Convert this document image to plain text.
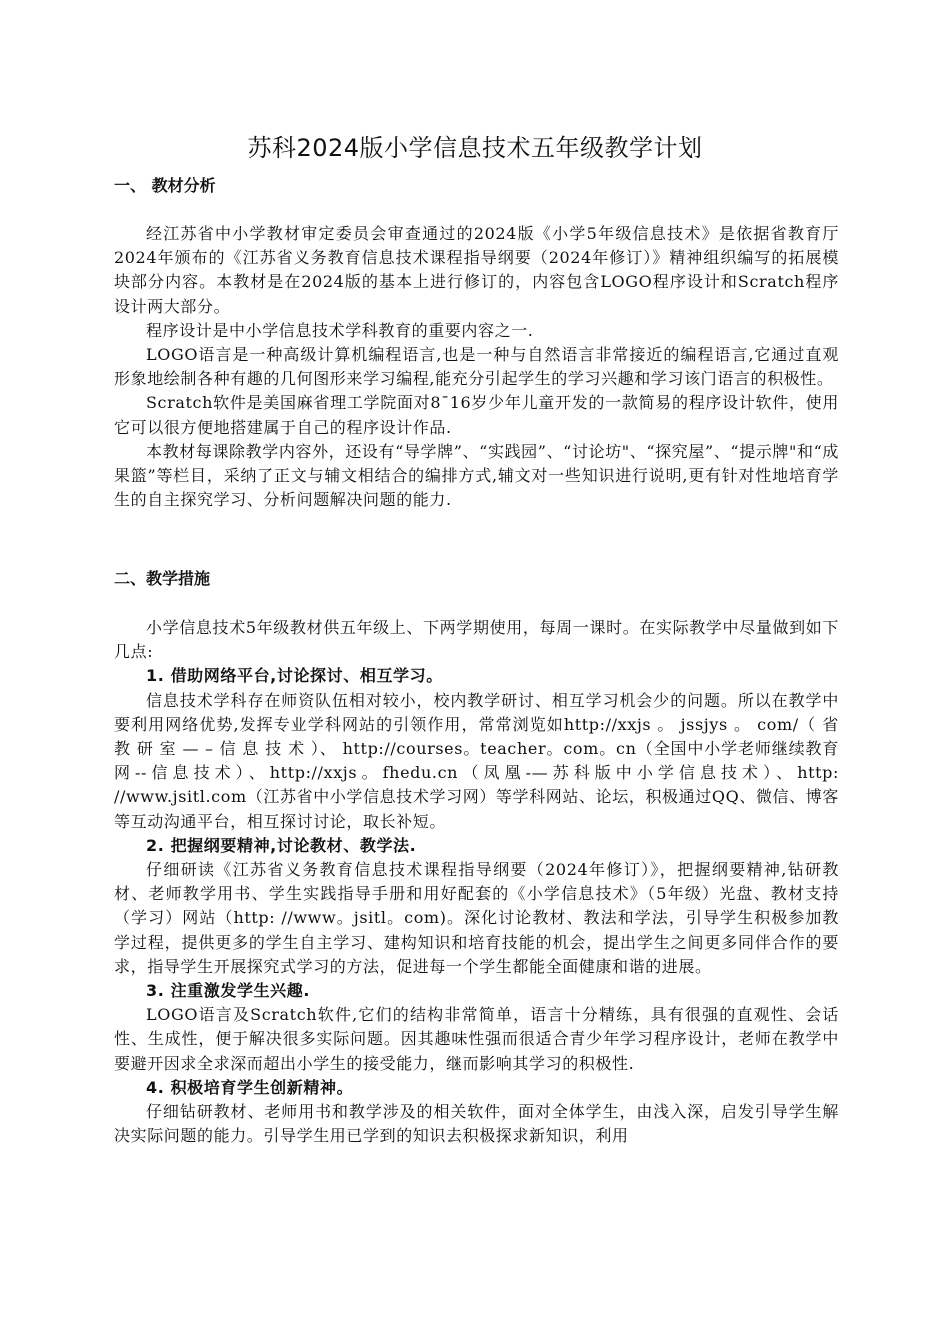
苏科2024版小学信息技术五年级教学计划
一、 教材分析

经江苏省中小学教材审定委员会审查通过的2024版《小学5年级信息技术》是依据省教育厅2024年颁布的《江苏省义务教育信息技术课程指导纲要（2024年修订）》精神组织编写的拓展模块部分内容。本教材是在2024版的基本上进行修订的，内容包含LOGO程序设计和Scratch程序设计两大部分。

程序设计是中小学信息技术学科教育的重要内容之一.

LOGO语言是一种高级计算机编程语言,也是一种与自然语言非常接近的编程语言,它通过直观形象地绘制各种有趣的几何图形来学习编程,能充分引起学生的学习兴趣和学习该门语言的积极性。

Scratch软件是美国麻省理工学院面对8¯16岁少年儿童开发的一款简易的程序设计软件，使用它可以很方便地搭建属于自己的程序设计作品.

本教材每课除教学内容外，还设有“导学牌”、“实践园”、“讨论坊"、“探究屋”、“提示牌"和“成果篮”等栏目，采纳了正文与辅文相结合的编排方式,辅文对一些知识进行说明,更有针对性地培育学生的自主探究学习、分析问题解决问题的能力.

二、教学措施

小学信息技术5年级教材供五年级上、下两学期使用，每周一课时。在实际教学中尽量做到如下几点:

1. 借助网络平台,讨论探讨、相互学习。

信息技术学科存在师资队伍相对较小，校内教学研讨、相互学习机会少的问题。所以在教学中要利用网络优势,发挥专业学科网站的引领作用，常常浏览如http://xxjs 。 jssjys 。 com/（ 省 教 研 室 — – 信 息 技 术 ）、 http://courses。teacher。com。cn（全国中小学老师继续教育网--信息技术）、http://xxjs。fhedu.cn（凤凰-—苏科版中小学信息技术）、http: //www.jsitl.com（江苏省中小学信息技术学习网）等学科网站、论坛，积极通过QQ、微信、博客等互动沟通平台，相互探讨讨论，取长补短。

2. 把握纲要精神,讨论教材、教学法.

仔细研读《江苏省义务教育信息技术课程指导纲要（2024年修订）》，把握纲要精神,钻研教材、老师教学用书、学生实践指导手册和用好配套的《小学信息技术》（5年级）光盘、教材支持（学习）网站（http: //www。jsitl。com)。深化讨论教材、教法和学法，引导学生积极参加教学过程，提供更多的学生自主学习、建构知识和培育技能的机会，提出学生之间更多同伴合作的要求，指导学生开展探究式学习的方法，促进每一个学生都能全面健康和谐的进展。

3. 注重激发学生兴趣.

LOGO语言及Scratch软件,它们的结构非常简单，语言十分精练，具有很强的直观性、会话性、生成性，便于解决很多实际问题。因其趣味性强而很适合青少年学习程序设计，老师在教学中要避开因求全求深而超出小学生的接受能力，继而影响其学习的积极性.

4. 积极培育学生创新精神。

仔细钻研教材、老师用书和教学涉及的相关软件，面对全体学生，由浅入深，启发引导学生解决实际问题的能力。引导学生用已学到的知识去积极探求新知识，利用
